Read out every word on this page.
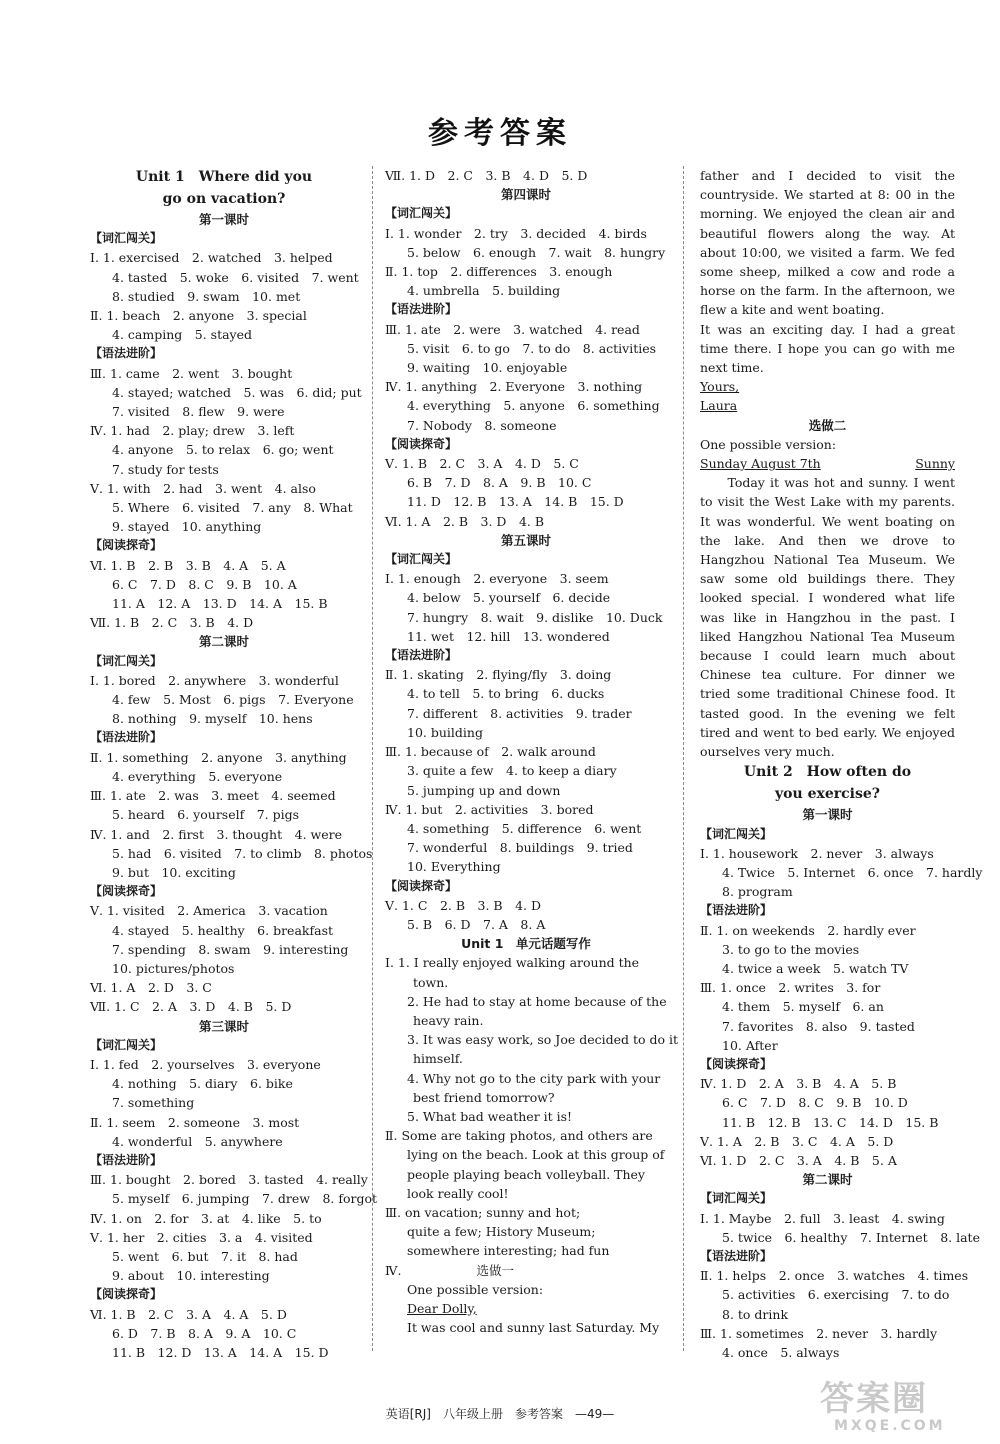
参考答案
Unit 1　Where did you
go on vacation?
第一课时
【词汇闯关】
Ⅰ. 1. exercised　2. watched　3. helped
4. tasted　5. woke　6. visited　7. went
8. studied　9. swam　10. met
Ⅱ. 1. beach　2. anyone　3. special
4. camping　5. stayed
【语法进阶】
Ⅲ. 1. came　2. went　3. bought
4. stayed; watched　5. was　6. did; put
7. visited　8. flew　9. were
Ⅳ. 1. had　2. play; drew　3. left
4. anyone　5. to relax　6. go; went
7. study for tests
Ⅴ. 1. with　2. had　3. went　4. also
5. Where　6. visited　7. any　8. What
9. stayed　10. anything
【阅读探奇】
Ⅵ. 1. B　2. B　3. B　4. A　5. A
6. C　7. D　8. C　9. B　10. A
11. A　12. A　13. D　14. A　15. B
Ⅶ. 1. B　2. C　3. B　4. D
第二课时
【词汇闯关】
Ⅰ. 1. bored　2. anywhere　3. wonderful
4. few　5. Most　6. pigs　7. Everyone
8. nothing　9. myself　10. hens
【语法进阶】
Ⅱ. 1. something　2. anyone　3. anything
4. everything　5. everyone
Ⅲ. 1. ate　2. was　3. meet　4. seemed
5. heard　6. yourself　7. pigs
Ⅳ. 1. and　2. first　3. thought　4. were
5. had　6. visited　7. to climb　8. photos
9. but　10. exciting
【阅读探奇】
Ⅴ. 1. visited　2. America　3. vacation
4. stayed　5. healthy　6. breakfast
7. spending　8. swam　9. interesting
10. pictures/photos
Ⅵ. 1. A　2. D　3. C
Ⅶ. 1. C　2. A　3. D　4. B　5. D
第三课时
【词汇闯关】
Ⅰ. 1. fed　2. yourselves　3. everyone
4. nothing　5. diary　6. bike
7. something
Ⅱ. 1. seem　2. someone　3. most
4. wonderful　5. anywhere
【语法进阶】
Ⅲ. 1. bought　2. bored　3. tasted　4. really
5. myself　6. jumping　7. drew　8. forgot
Ⅳ. 1. on　2. for　3. at　4. like　5. to
Ⅴ. 1. her　2. cities　3. a　4. visited
5. went　6. but　7. it　8. had
9. about　10. interesting
【阅读探奇】
Ⅵ. 1. B　2. C　3. A　4. A　5. D
6. D　7. B　8. A　9. A　10. C
11. B　12. D　13. A　14. A　15. D
Ⅶ. 1. D　2. C　3. B　4. D　5. D
第四课时
【词汇闯关】
Ⅰ. 1. wonder　2. try　3. decided　4. birds
5. below　6. enough　7. wait　8. hungry
Ⅱ. 1. top　2. differences　3. enough
4. umbrella　5. building
【语法进阶】
Ⅲ. 1. ate　2. were　3. watched　4. read
5. visit　6. to go　7. to do　8. activities
9. waiting　10. enjoyable
Ⅳ. 1. anything　2. Everyone　3. nothing
4. everything　5. anyone　6. something
7. Nobody　8. someone
【阅读探奇】
Ⅴ. 1. B　2. C　3. A　4. D　5. C
6. B　7. D　8. A　9. B　10. C
11. D　12. B　13. A　14. B　15. D
Ⅵ. 1. A　2. B　3. D　4. B
第五课时
【词汇闯关】
Ⅰ. 1. enough　2. everyone　3. seem
4. below　5. yourself　6. decide
7. hungry　8. wait　9. dislike　10. Duck
11. wet　12. hill　13. wondered
【语法进阶】
Ⅱ. 1. skating　2. flying/fly　3. doing
4. to tell　5. to bring　6. ducks
7. different　8. activities　9. trader
10. building
Ⅲ. 1. because of　2. walk around
3. quite a few　4. to keep a diary
5. jumping up and down
Ⅳ. 1. but　2. activities　3. bored
4. something　5. difference　6. went
7. wonderful　8. buildings　9. tried
10. Everything
【阅读探奇】
Ⅴ. 1. C　2. B　3. B　4. D
5. B　6. D　7. A　8. A
Unit 1　单元话题写作
Ⅰ. 1. I really enjoyed walking around the
town.
2. He had to stay at home because of the
heavy rain.
3. It was easy work, so Joe decided to do it
himself.
4. Why not go to the city park with your
best friend tomorrow?
5. What bad weather it is!
Ⅱ. Some are taking photos, and others are
lying on the beach. Look at this group of
people playing beach volleyball. They
look really cool!
Ⅲ. on vacation; sunny and hot;
quite a few; History Museum;
somewhere interesting; had fun
Ⅳ.　　　　　　选做一
One possible version:
Dear Dolly,
It was cool and sunny last Saturday. My
father and I decided to visit the countryside. We started at 8: 00 in the morning. We enjoyed the clean air and beautiful flowers along the way. At about 10:00, we visited a farm. We fed some sheep, milked a cow and rode a horse on the farm. In the afternoon, we flew a kite and went boating.
It was an exciting day. I had a great time there. I hope you can go with me next time.
Yours,
Laura
选做二
One possible version:
Sunday August 7th	Sunny
　　Today it was hot and sunny. I went to visit the West Lake with my parents. It was wonderful. We went boating on the lake. And then we drove to Hangzhou National Tea Museum. We saw some old buildings there. They looked special. I wondered what life was like in Hangzhou in the past. I liked Hangzhou National Tea Museum because I could learn much about Chinese tea culture. For dinner we tried some traditional Chinese food. It tasted good. In the evening we felt tired and went to bed early. We enjoyed ourselves very much.
Unit 2　How often do
you exercise?
第一课时
【词汇闯关】
Ⅰ. 1. housework　2. never　3. always
4. Twice　5. Internet　6. once　7. hardly
8. program
【语法进阶】
Ⅱ. 1. on weekends　2. hardly ever
3. to go to the movies
4. twice a week　5. watch TV
Ⅲ. 1. once　2. writes　3. for
4. them　5. myself　6. an
7. favorites　8. also　9. tasted
10. After
【阅读探奇】
Ⅳ. 1. D　2. A　3. B　4. A　5. B
6. C　7. D　8. C　9. B　10. D
11. B　12. B　13. C　14. D　15. B
Ⅴ. 1. A　2. B　3. C　4. A　5. D
Ⅵ. 1. D　2. C　3. A　4. B　5. A
第二课时
【词汇闯关】
Ⅰ. 1. Maybe　2. full　3. least　4. swing
5. twice　6. healthy　7. Internet　8. late
【语法进阶】
Ⅱ. 1. helps　2. once　3. watches　4. times
5. activities　6. exercising　7. to do
8. to drink
Ⅲ. 1. sometimes　2. never　3. hardly
4. once　5. always
英语[RJ]　八年级上册　参考答案　—49—	答案圈
MXQE.COM
